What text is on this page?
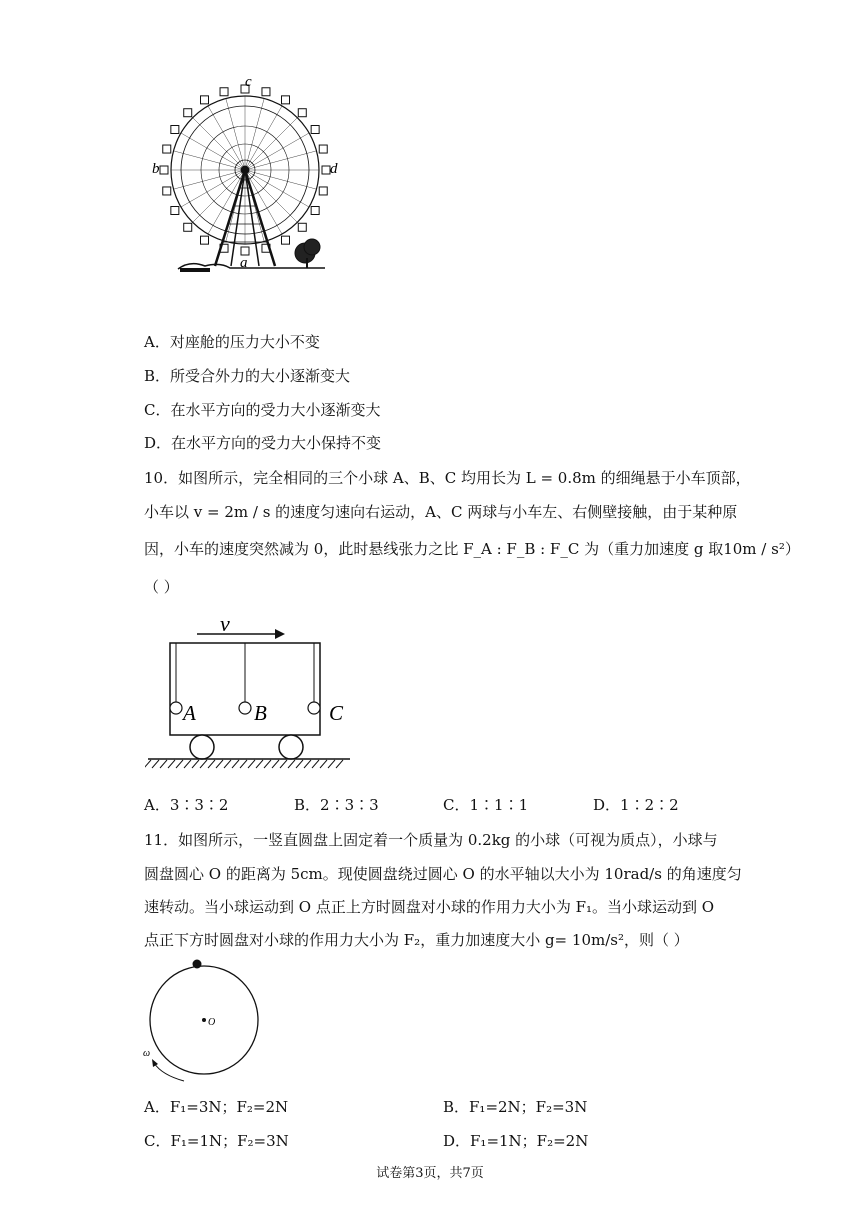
c
b	d
a
A．对座舱的压力大小不变
B．所受合外力的大小逐渐变大
C．在水平方向的受力大小逐渐变大
D．在水平方向的受力大小保持不变
10．如图所示，完全相同的三个小球 A、B、C 均用长为 L = 0.8m 的细绳悬于小车顶部，
小车以 v = 2m / s 的速度匀速向右运动，A、C 两球与小车左、右侧壁接触，由于某种原
因，小车的速度突然减为 0，此时悬线张力之比 F_A : F_B : F_C 为（重力加速度 g 取10m / s²）
（ ）
v
A	B	C
A．3∶3∶2	B．2∶3∶3	C．1∶1∶1	D．1∶2∶2
11．如图所示，一竖直圆盘上固定着一个质量为 0.2kg 的小球（可视为质点），小球与
圆盘圆心 O 的距离为 5cm。现使圆盘绕过圆心 O 的水平轴以大小为 10rad/s 的角速度匀
速转动。当小球运动到 O 点正上方时圆盘对小球的作用力大小为 F₁。当小球运动到 O
点正下方时圆盘对小球的作用力大小为 F₂，重力加速度大小 g= 10m/s²，则（ ）
O
ω
A．F₁=3N；F₂=2N	B．F₁=2N；F₂=3N
C．F₁=1N；F₂=3N	D．F₁=1N；F₂=2N
试卷第3页，共7页
